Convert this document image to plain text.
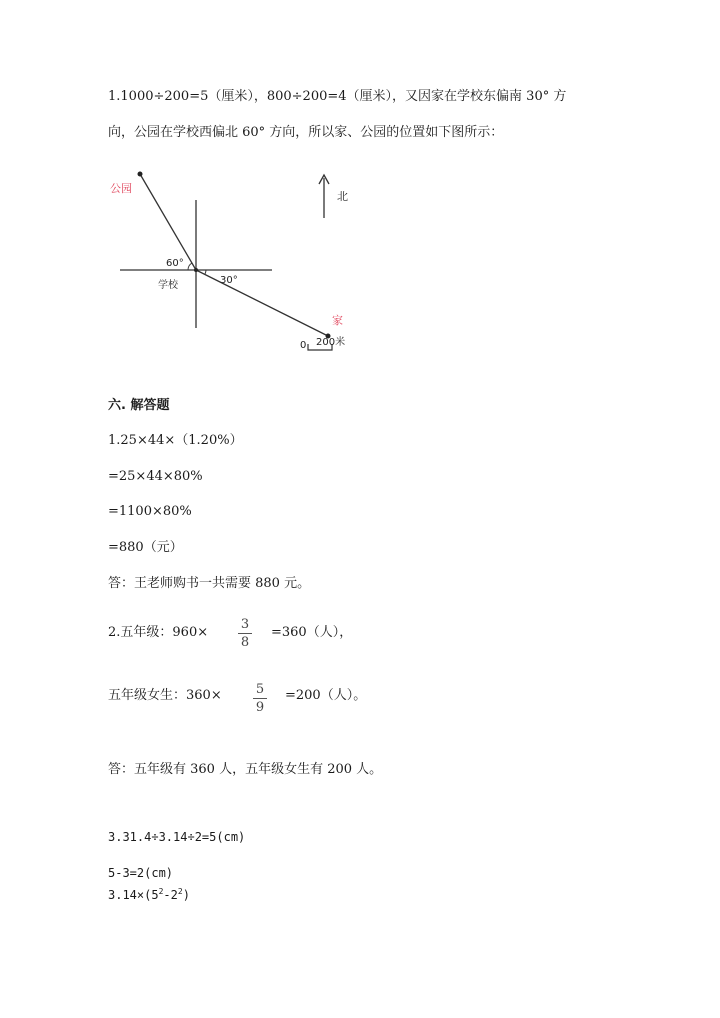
1.1000÷200=5（厘米），800÷200=4（厘米），又因家在学校东偏南 30° 方
向，公园在学校西偏北 60° 方向，所以家、公园的位置如下图所示：
公园
家
学校
北
60°
30°
0 200米
六. 解答题
1.25×44×（1.20%）
=25×44×80%
=1100×80%
=880（元）
答：王老师购书一共需要 880 元。
2.五年级：960×
3
8
=360（人），
五年级女生：360×	5
9
=200（人）。
答：五年级有 360 人，五年级女生有 200 人。
3.31.4÷3.14÷2=5(cm)
5-3=2(cm)
$3.14\times(5^2-2^2)$
